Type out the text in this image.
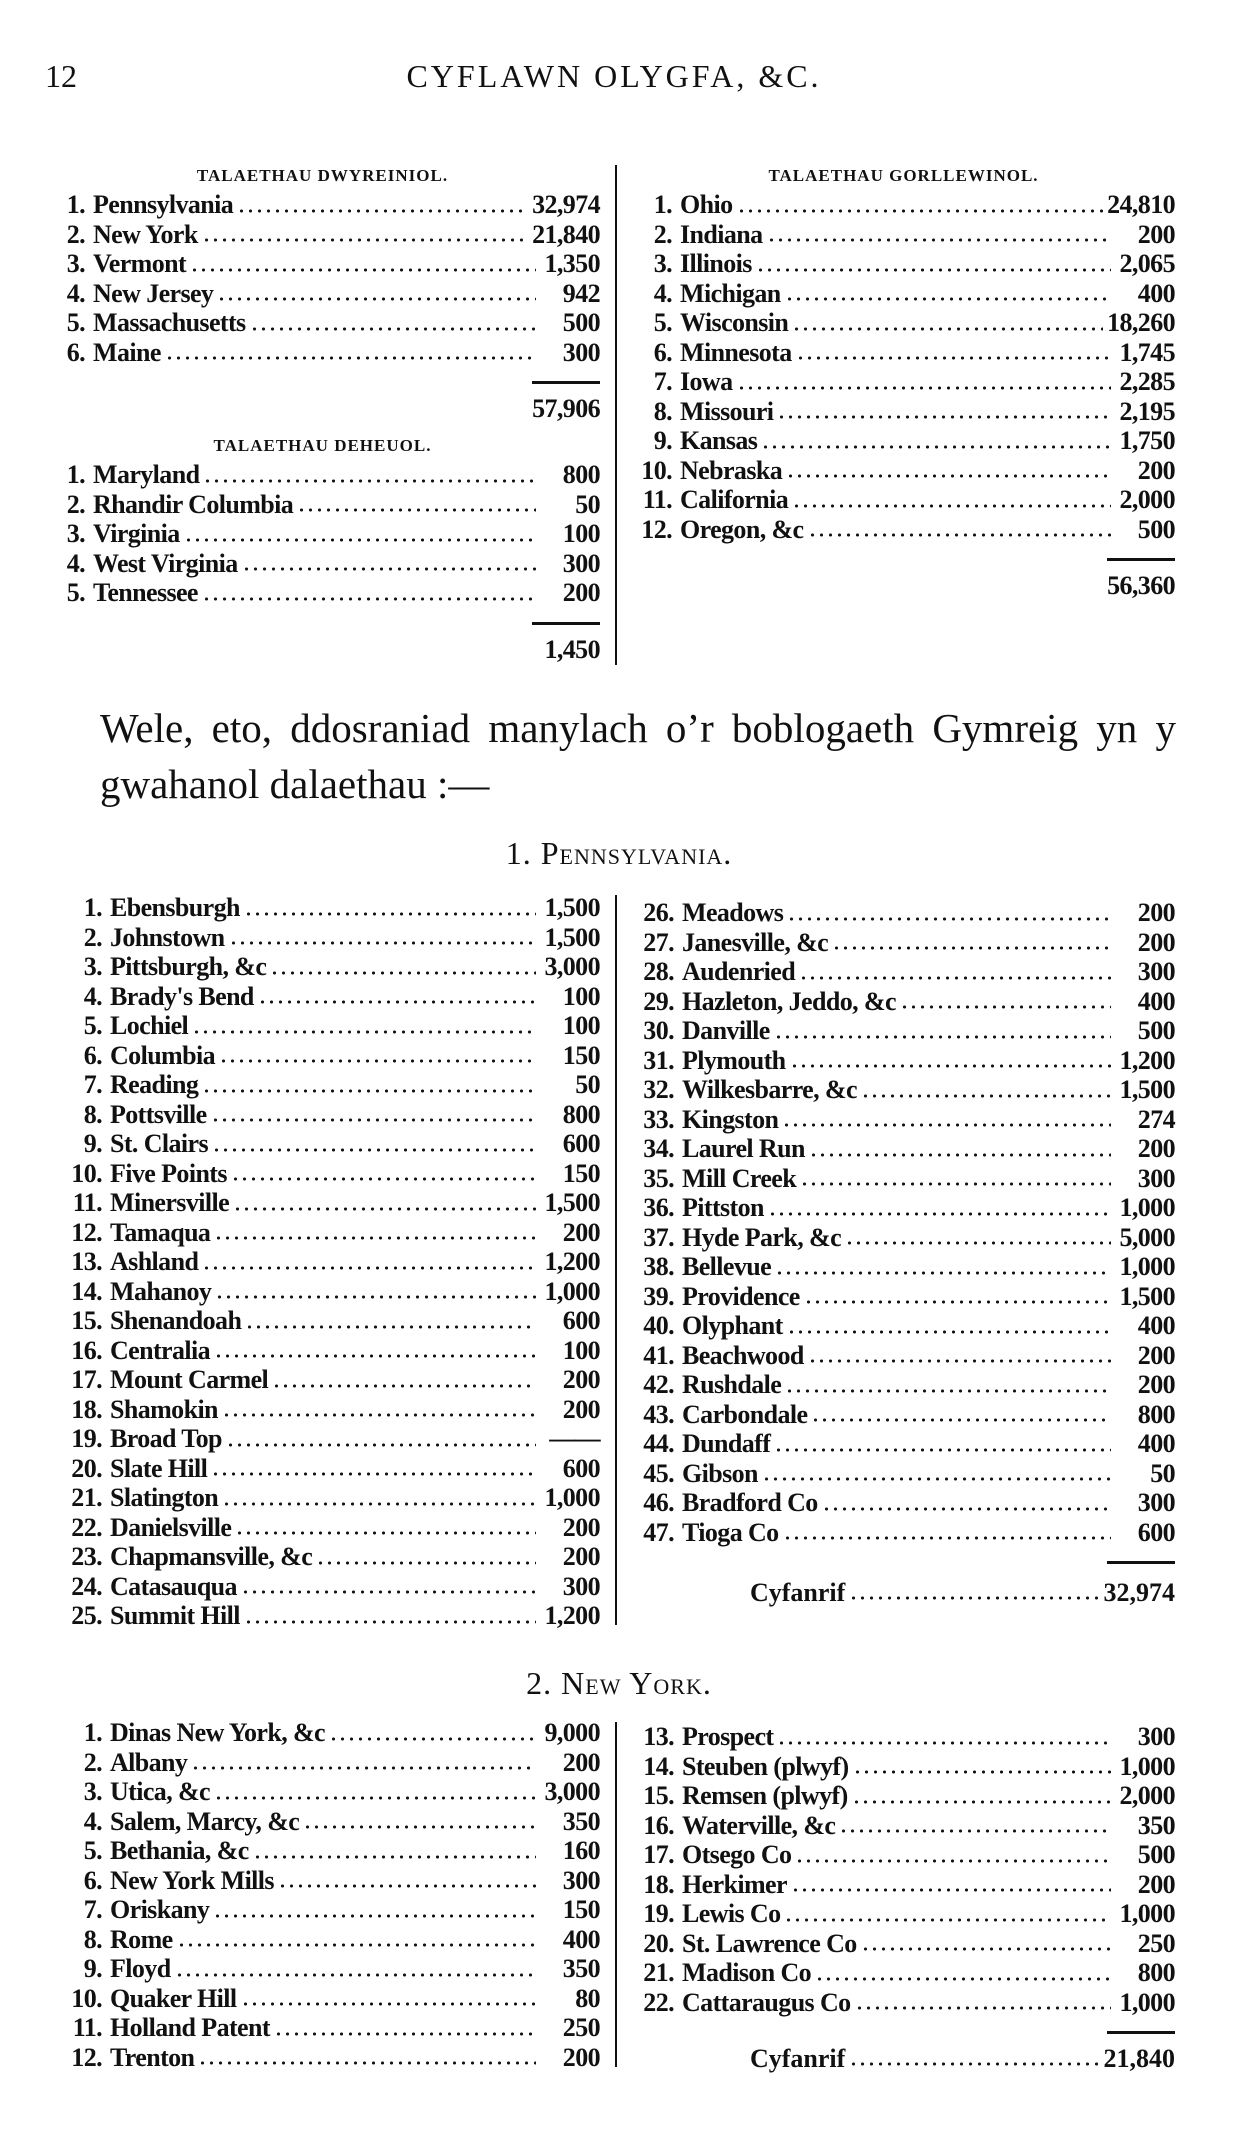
12	CYFLAWN OLYGFA, &C.
TALAETHAU DWYREINIOL.
1. Pennsylvania	32,974
2. New York	21,840
3. Vermont	1,350
4. New Jersey	942
5. Massachusetts	500
6. Maine	300
57,906
TALAETHAU DEHEUOL.
1. Maryland	800
2. Rhandir Columbia	50
3. Virginia	100
4. West Virginia	300
5. Tennessee	200
1,450
TALAETHAU GORLLEWINOL.
1. Ohio	24,810
2. Indiana	200
3. Illinois	2,065
4. Michigan	400
5. Wisconsin	18,260
6. Minnesota	1,745
7. Iowa	2,285
8. Missouri	2,195
9. Kansas	1,750
10. Nebraska	200
11. California	2,000
12. Oregon, &c	500
56,360
Wele, eto, ddosraniad manylach o’r boblogaeth Gymreig yn y gwahanol dalaethau :—
1. Pennsylvania.
1. Ebensburgh	1,500
2. Johnstown	1,500
3. Pittsburgh, &c	3,000
4. Brady's Bend	100
5. Lochiel	100
6. Columbia	150
7. Reading	50
8. Pottsville	800
9. St. Clairs	600
10. Five Points	150
11. Minersville	1,500
12. Tamaqua	200
13. Ashland	1,200
14. Mahanoy	1,000
15. Shenandoah	600
16. Centralia	100
17. Mount Carmel	200
18. Shamokin	200
19. Broad Top	——
20. Slate Hill	600
21. Slatington	1,000
22. Danielsville	200
23. Chapmansville, &c	200
24. Catasauqua	300
25. Summit Hill	1,200
26. Meadows	200
27. Janesville, &c	200
28. Audenried	300
29. Hazleton, Jeddo, &c	400
30. Danville	500
31. Plymouth	1,200
32. Wilkesbarre, &c	1,500
33. Kingston	274
34. Laurel Run	200
35. Mill Creek	300
36. Pittston	1,000
37. Hyde Park, &c	5,000
38. Bellevue	1,000
39. Providence	1,500
40. Olyphant	400
41. Beachwood	200
42. Rushdale	200
43. Carbondale	800
44. Dundaff	400
45. Gibson	50
46. Bradford Co	300
47. Tioga Co	600
Cyfanrif	32,974
2. New York.
1. Dinas New York, &c	9,000
2. Albany	200
3. Utica, &c	3,000
4. Salem, Marcy, &c	350
5. Bethania, &c	160
6. New York Mills	300
7. Oriskany	150
8. Rome	400
9. Floyd	350
10. Quaker Hill	80
11. Holland Patent	250
12. Trenton	200
13. Prospect	300
14. Steuben (plwyf)	1,000
15. Remsen (plwyf)	2,000
16. Waterville, &c	350
17. Otsego Co	500
18. Herkimer	200
19. Lewis Co	1,000
20. St. Lawrence Co	250
21. Madison Co	800
22. Cattaraugus Co	1,000
Cyfanrif	21,840
